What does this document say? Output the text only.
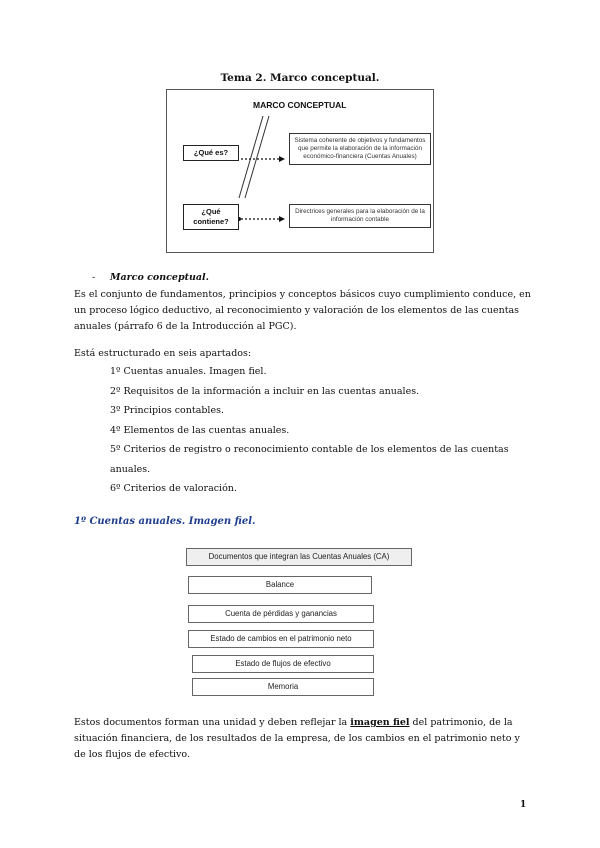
Tema 2. Marco conceptual.
MARCO CONCEPTUAL
¿Qué es?
Sistema coherente de objetivos y fundamentos que permite la elaboración de la información económico-financiera (Cuentas Anuales)
¿Qué contiene?
Directrices generales para la elaboración de la información contable
- Marco conceptual.
Es el conjunto de fundamentos, principios y conceptos básicos cuyo cumplimiento conduce, en un proceso lógico deductivo, al reconocimiento y valoración de los elementos de las cuentas anuales (párrafo 6 de la Introducción al PGC).
Está estructurado en seis apartados:
1º Cuentas anuales. Imagen fiel.
2º Requisitos de la información a incluir en las cuentas anuales.
3º Principios contables.
4º Elementos de las cuentas anuales.
5º Criterios de registro o reconocimiento contable de los elementos de las cuentas anuales.
6º Criterios de valoración.
1º Cuentas anuales. Imagen fiel.
Documentos que integran las Cuentas Anuales (CA)
Balance
Cuenta de pérdidas y ganancias
Estado de cambios en el patrimonio neto
Estado de flujos de efectivo
Memoria
Estos documentos forman una unidad y deben reflejar la imagen fiel del patrimonio, de la situación financiera, de los resultados de la empresa, de los cambios en el patrimonio neto y de los flujos de efectivo.
1
